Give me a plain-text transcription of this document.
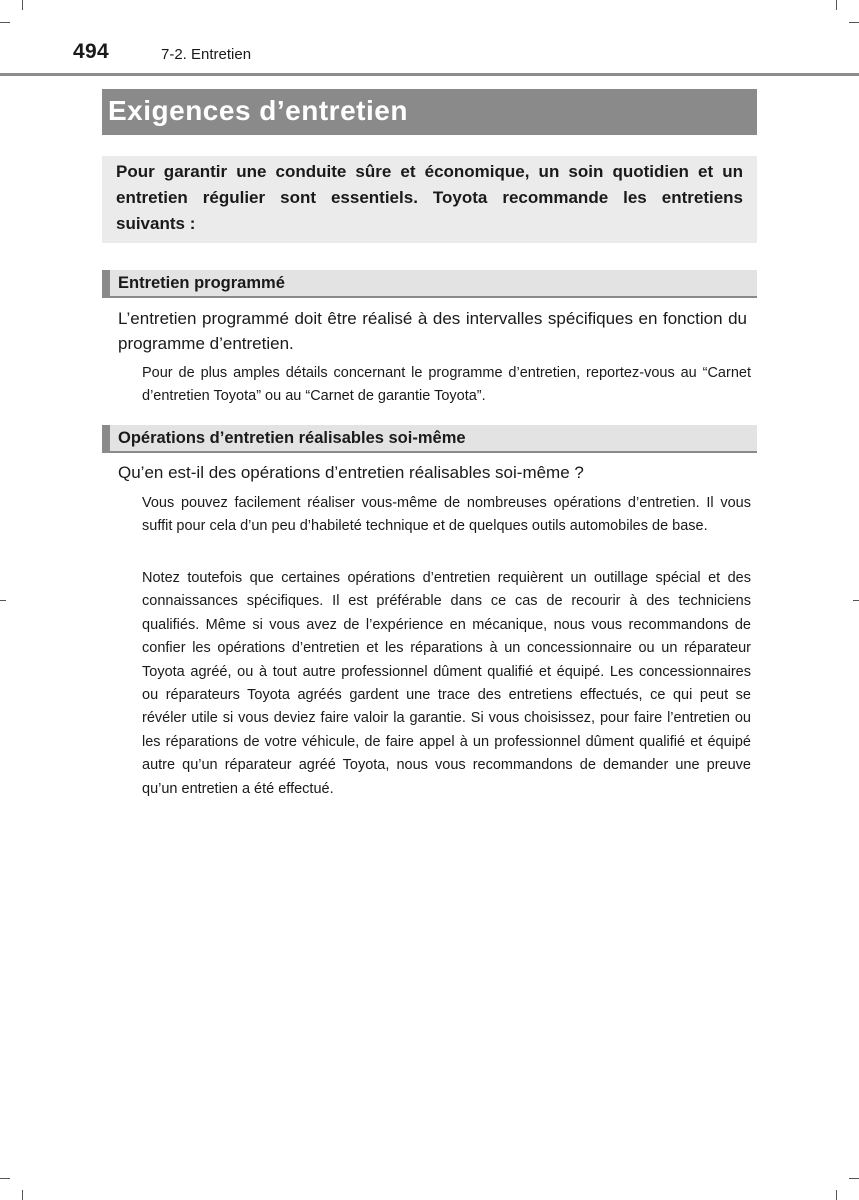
494	7-2. Entretien
Exigences d’entretien
Pour garantir une conduite sûre et économique, un soin quotidien et un entretien régulier sont essentiels. Toyota recommande les entretiens suivants :
Entretien programmé
L’entretien programmé doit être réalisé à des intervalles spécifiques en fonction du programme d’entretien.
Pour de plus amples détails concernant le programme d’entretien, reportez-vous au “Carnet d’entretien Toyota” ou au “Carnet de garantie Toyota”.
Opérations d’entretien réalisables soi-même
Qu’en est-il des opérations d’entretien réalisables soi-même ?
Vous pouvez facilement réaliser vous-même de nombreuses opérations d’entretien. Il vous suffit pour cela d’un peu d’habileté technique et de quelques outils automobiles de base.
Notez toutefois que certaines opérations d’entretien requièrent un outillage spécial et des connaissances spécifiques. Il est préférable dans ce cas de recourir à des techniciens qualifiés. Même si vous avez de l’expérience en mécanique, nous vous recommandons de confier les opérations d’entretien et les réparations à un concessionnaire ou un réparateur Toyota agréé, ou à tout autre professionnel dûment qualifié et équipé. Les concessionnaires ou réparateurs Toyota agréés gardent une trace des entretiens effectués, ce qui peut se révéler utile si vous deviez faire valoir la garantie. Si vous choisissez, pour faire l’entretien ou les réparations de votre véhicule, de faire appel à un professionnel dûment qualifié et équipé autre qu’un réparateur agréé Toyota, nous vous recommandons de demander une preuve qu’un entretien a été effectué.
